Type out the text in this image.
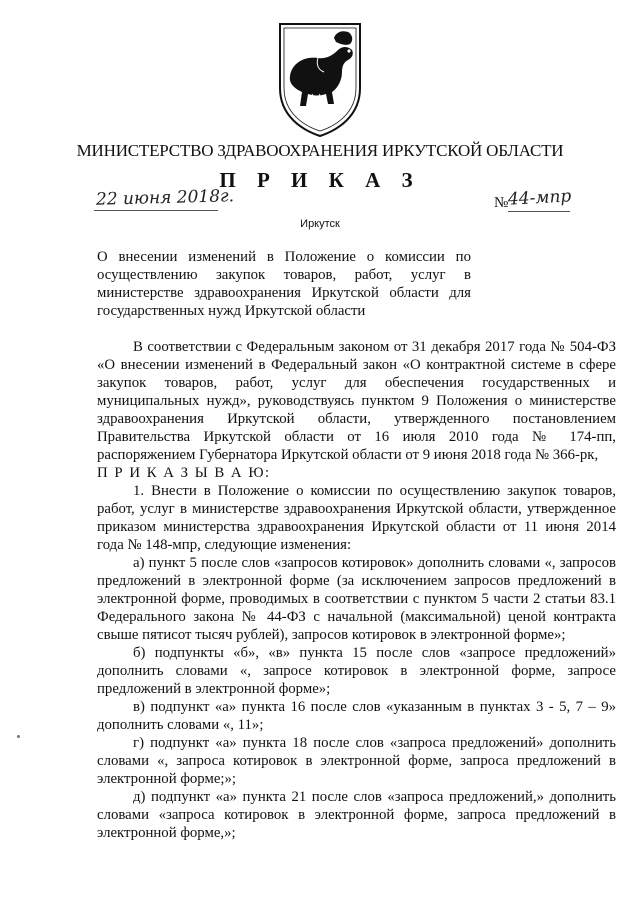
МИНИСТЕРСТВО ЗДРАВООХРАНЕНИЯ ИРКУТСКОЙ ОБЛАСТИ
П Р И К А З
22 июня 2018г.	№ 44-мпр
Иркутск
О внесении изменений в Положение о комиссии по осуществлению закупок товаров, работ, услуг в министерстве здравоохранения Иркутской области для государственных нужд Иркутской области

В соответствии с Федеральным законом от 31 декабря 2017 года № 504-ФЗ «О внесении изменений в Федеральный закон «О контрактной системе в сфере закупок товаров, работ, услуг для обеспечения государственных и муниципальных нужд», руководствуясь пунктом 9 Положения о министерстве здравоохранения Иркутской области, утвержденного постановлением Правительства Иркутской области от 16 июля 2010 года № 174-пп, распоряжением Губернатора Иркутской области от 9 июня 2018 года № 366-рк,

П Р И К А З Ы В А Ю:

1. Внести в Положение о комиссии по осуществлению закупок товаров, работ, услуг в министерстве здравоохранения Иркутской области, утвержденное приказом министерства здравоохранения Иркутской области от 11 июня 2014 года № 148-мпр, следующие изменения:

а) пункт 5 после слов «запросов котировок» дополнить словами «, запросов предложений в электронной форме (за исключением запросов предложений в электронной форме, проводимых в соответствии с пунктом 5 части 2 статьи 83.1 Федерального закона № 44-ФЗ с начальной (максимальной) ценой контракта свыше пятисот тысяч рублей), запросов котировок в электронной форме»;

б) подпункты «б», «в» пункта 15 после слов «запросе предложений» дополнить словами «, запросе котировок в электронной форме, запросе предложений в электронной форме»;

в) подпункт «а» пункта 16 после слов «указанным в пунктах 3 - 5, 7 – 9» дополнить словами «, 11»;

г) подпункт «а» пункта 18 после слов «запроса предложений» дополнить словами «, запроса котировок в электронной форме, запроса предложений в электронной форме;»;

д) подпункт «а» пункта 21 после слов «запроса предложений,» дополнить словами «запроса котировок в электронной форме, запроса предложений в электронной форме,»;
